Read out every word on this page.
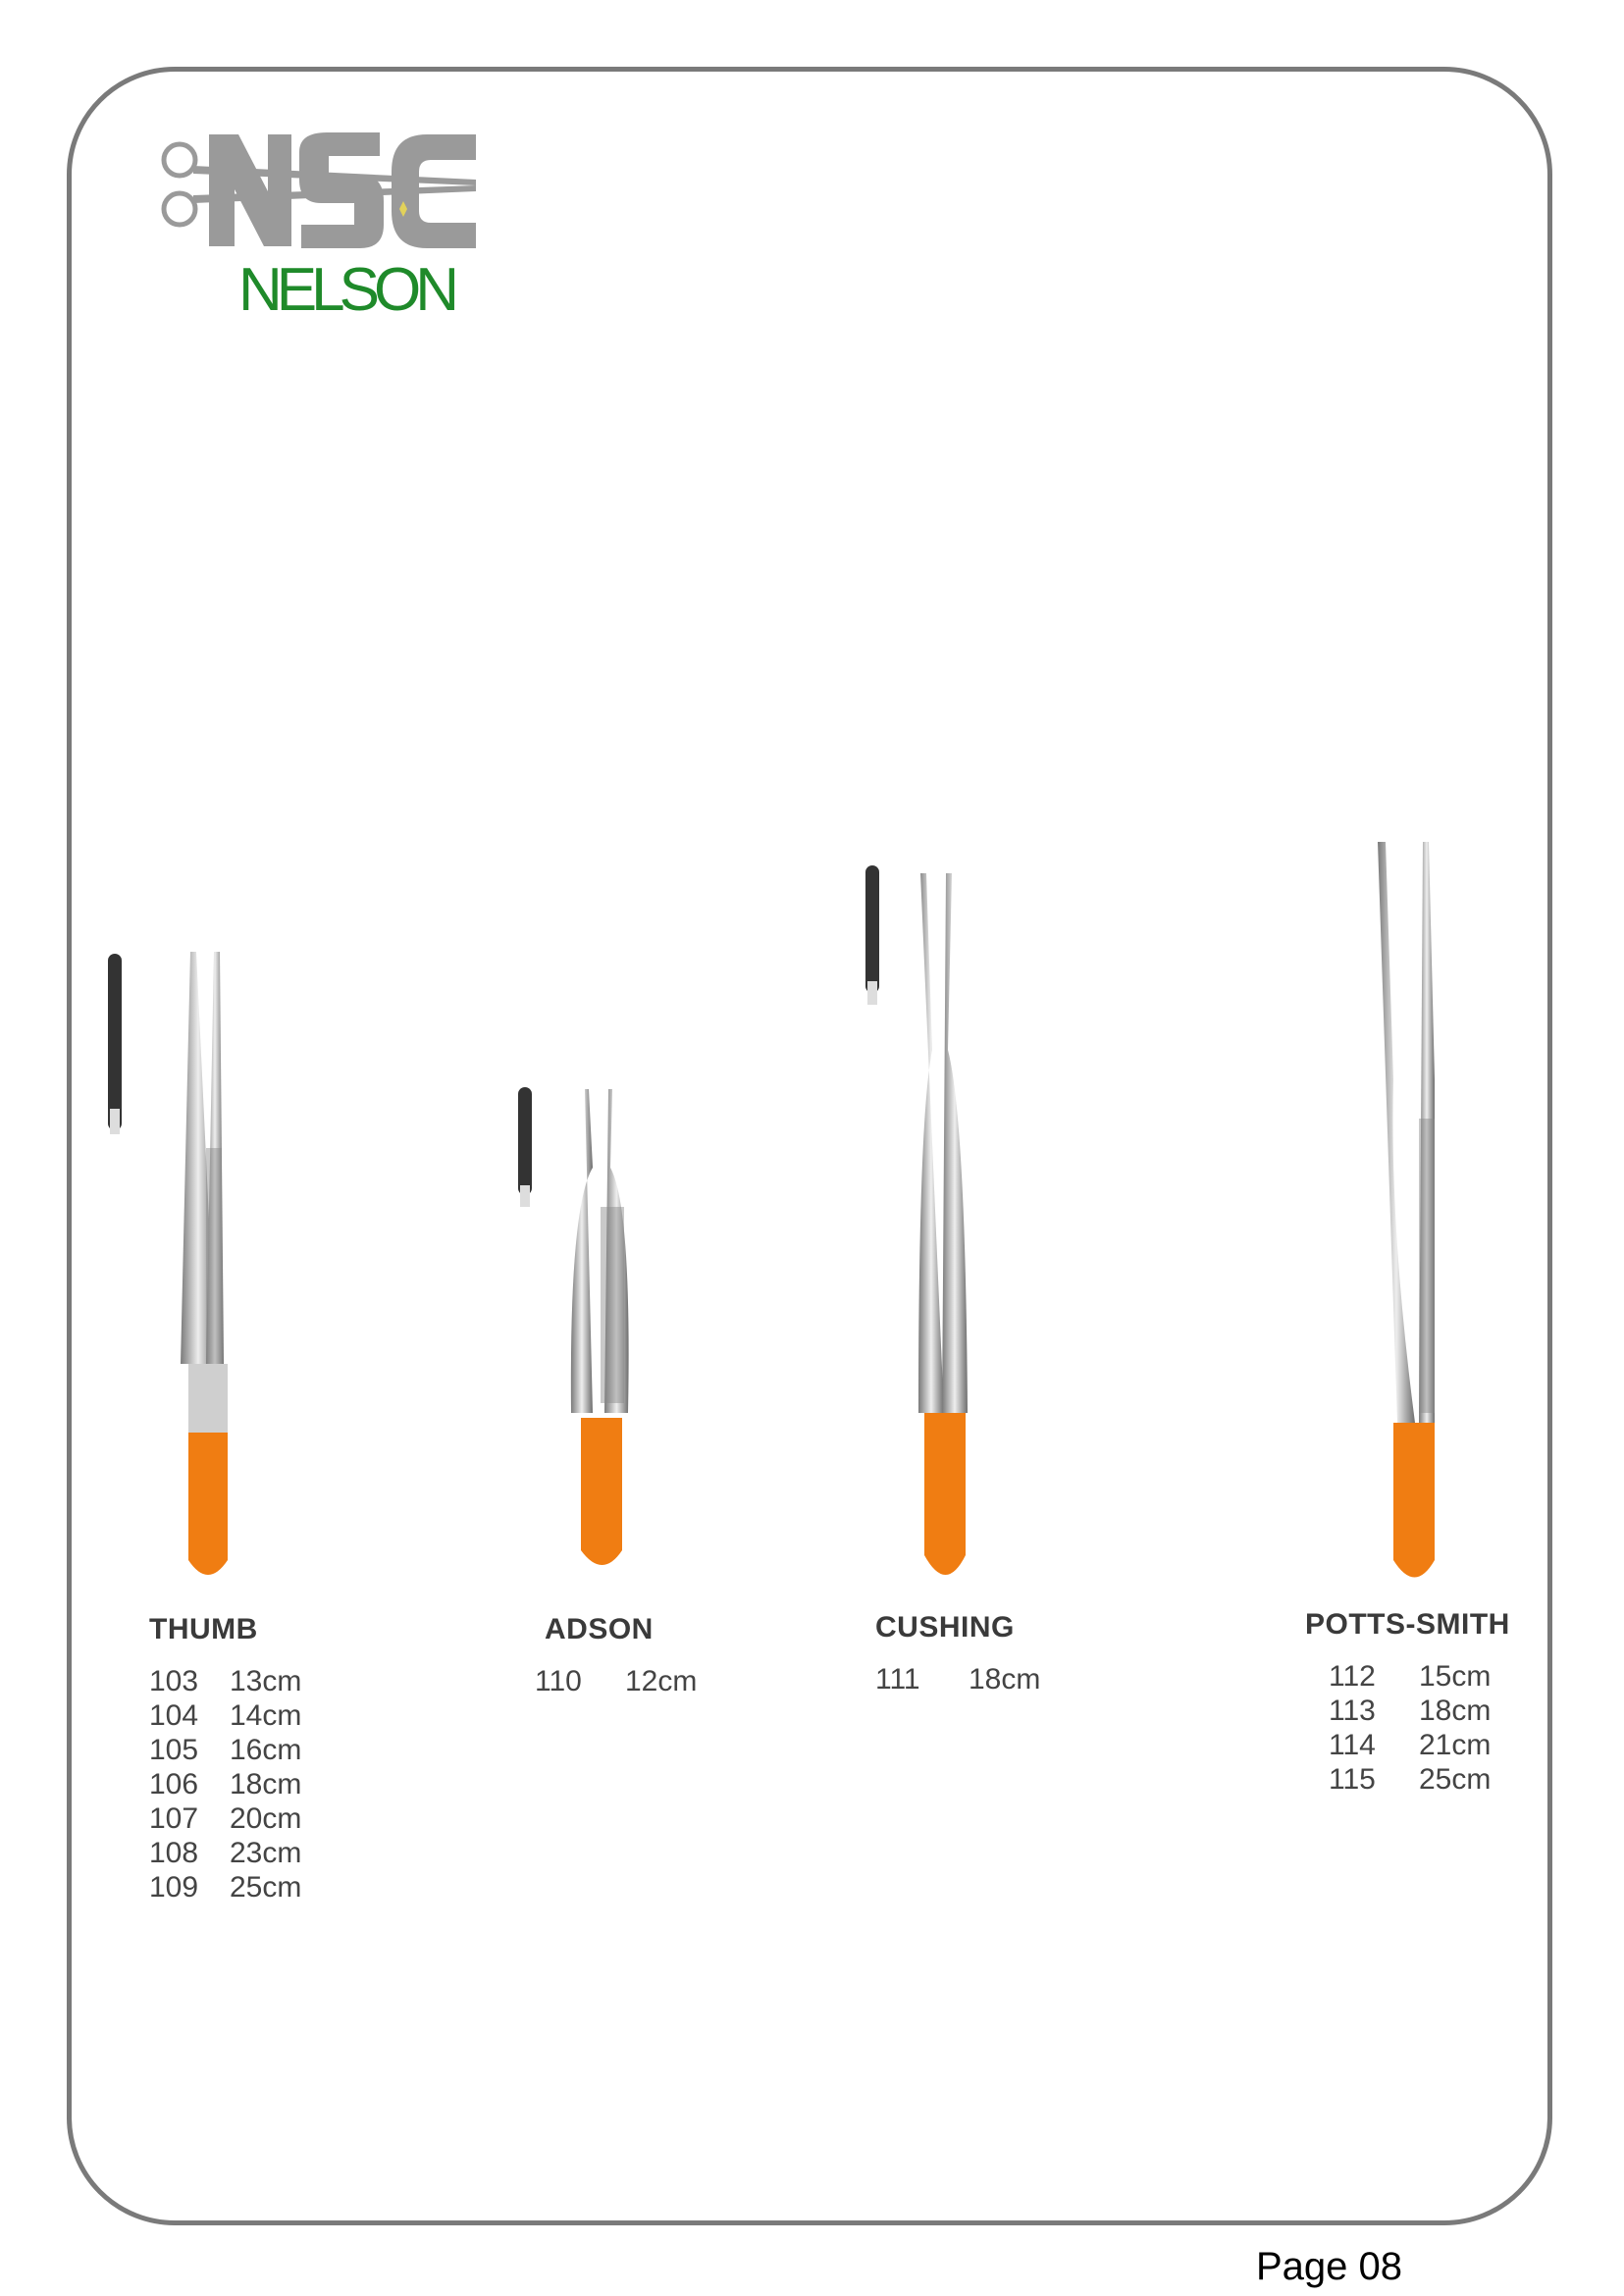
NELSON
THUMB
103	13cm
104	14cm
105	16cm
106	18cm
107	20cm
108	23cm
109	25cm
ADSON
110	12cm
CUSHING
111	18cm
POTTS-SMITH
112	15cm
113	18cm
114	21cm
115	25cm
Page 08
